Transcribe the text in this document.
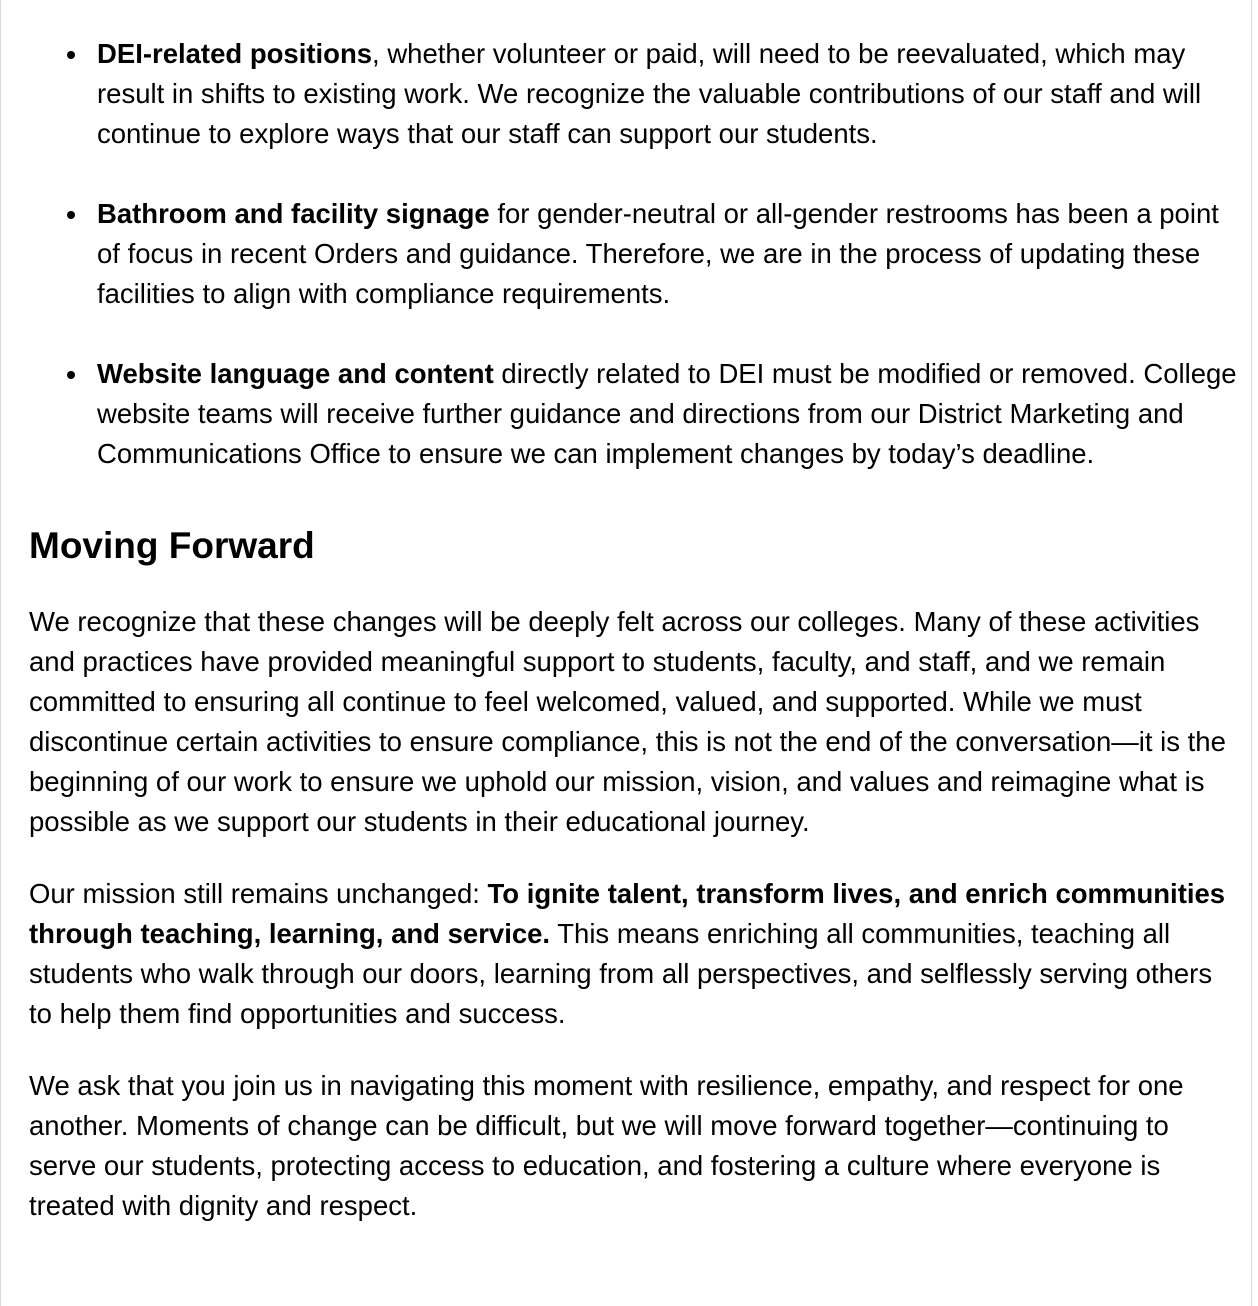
DEI-related positions, whether volunteer or paid, will need to be reevaluated, which may result in shifts to existing work. We recognize the valuable contributions of our staff and will continue to explore ways that our staff can support our students.
Bathroom and facility signage for gender-neutral or all-gender restrooms has been a point of focus in recent Orders and guidance. Therefore, we are in the process of updating these facilities to align with compliance requirements.
Website language and content directly related to DEI must be modified or removed. College website teams will receive further guidance and directions from our District Marketing and Communications Office to ensure we can implement changes by today’s deadline.
Moving Forward

We recognize that these changes will be deeply felt across our colleges. Many of these activities and practices have provided meaningful support to students, faculty, and staff, and we remain committed to ensuring all continue to feel welcomed, valued, and supported. While we must discontinue certain activities to ensure compliance, this is not the end of the conversation—it is the beginning of our work to ensure we uphold our mission, vision, and values and reimagine what is possible as we support our students in their educational journey.

Our mission still remains unchanged: To ignite talent, transform lives, and enrich communities through teaching, learning, and service. This means enriching all communities, teaching all students who walk through our doors, learning from all perspectives, and selflessly serving others to help them find opportunities and success.

We ask that you join us in navigating this moment with resilience, empathy, and respect for one another. Moments of change can be difficult, but we will move forward together—continuing to serve our students, protecting access to education, and fostering a culture where everyone is treated with dignity and respect.
